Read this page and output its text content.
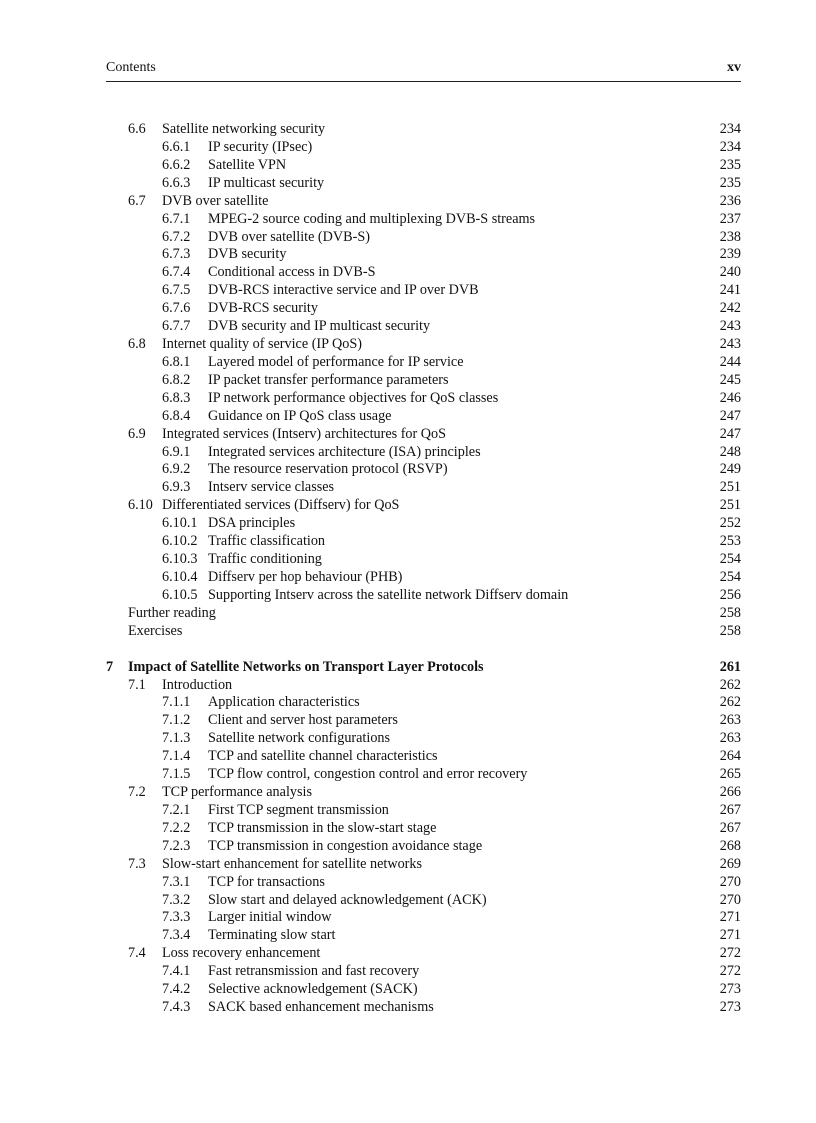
Contents	xv
6.6 Satellite networking security	234
6.6.1 IP security (IPsec)	234
6.6.2 Satellite VPN	235
6.6.3 IP multicast security	235
6.7 DVB over satellite	236
6.7.1 MPEG-2 source coding and multiplexing DVB-S streams	237
6.7.2 DVB over satellite (DVB-S)	238
6.7.3 DVB security	239
6.7.4 Conditional access in DVB-S	240
6.7.5 DVB-RCS interactive service and IP over DVB	241
6.7.6 DVB-RCS security	242
6.7.7 DVB security and IP multicast security	243
6.8 Internet quality of service (IP QoS)	243
6.8.1 Layered model of performance for IP service	244
6.8.2 IP packet transfer performance parameters	245
6.8.3 IP network performance objectives for QoS classes	246
6.8.4 Guidance on IP QoS class usage	247
6.9 Integrated services (Intserv) architectures for QoS	247
6.9.1 Integrated services architecture (ISA) principles	248
6.9.2 The resource reservation protocol (RSVP)	249
6.9.3 Intserv service classes	251
6.10 Differentiated services (Diffserv) for QoS	251
6.10.1 DSA principles	252
6.10.2 Traffic classification	253
6.10.3 Traffic conditioning	254
6.10.4 Diffserv per hop behaviour (PHB)	254
6.10.5 Supporting Intserv across the satellite network Diffserv domain	256
Further reading	258
Exercises	258
7 Impact of Satellite Networks on Transport Layer Protocols	261
7.1 Introduction	262
7.1.1 Application characteristics	262
7.1.2 Client and server host parameters	263
7.1.3 Satellite network configurations	263
7.1.4 TCP and satellite channel characteristics	264
7.1.5 TCP flow control, congestion control and error recovery	265
7.2 TCP performance analysis	266
7.2.1 First TCP segment transmission	267
7.2.2 TCP transmission in the slow-start stage	267
7.2.3 TCP transmission in congestion avoidance stage	268
7.3 Slow-start enhancement for satellite networks	269
7.3.1 TCP for transactions	270
7.3.2 Slow start and delayed acknowledgement (ACK)	270
7.3.3 Larger initial window	271
7.3.4 Terminating slow start	271
7.4 Loss recovery enhancement	272
7.4.1 Fast retransmission and fast recovery	272
7.4.2 Selective acknowledgement (SACK)	273
7.4.3 SACK based enhancement mechanisms	273
